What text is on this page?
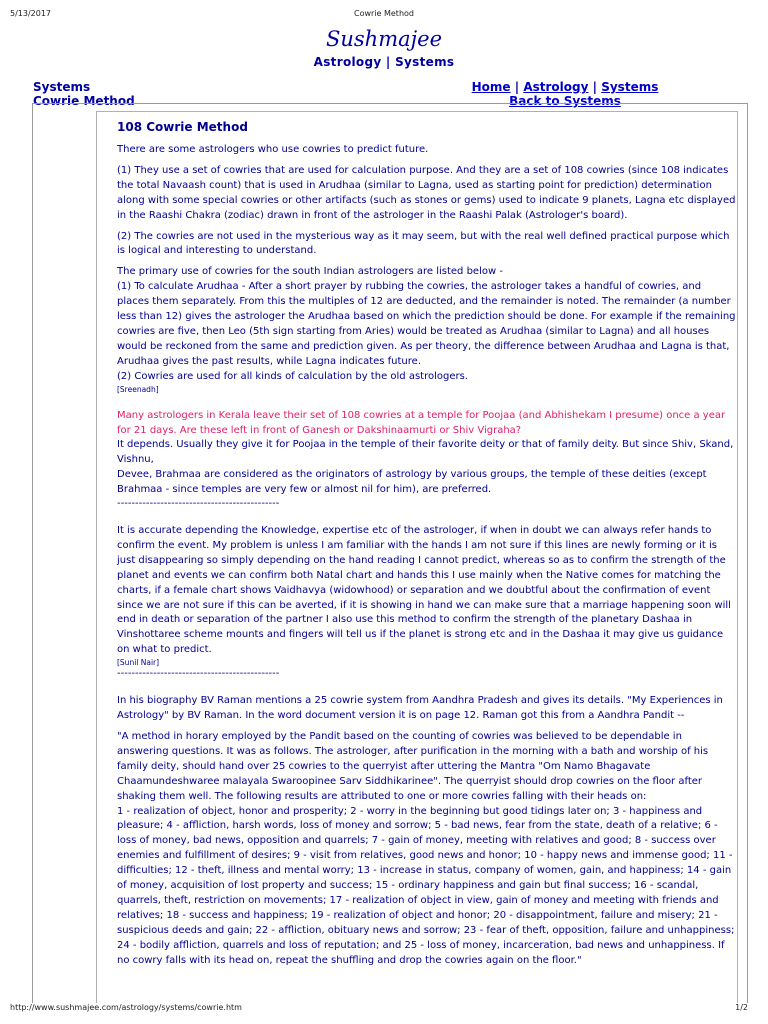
5/13/2017	Cowrie Method
Sushmajee
Astrology | Systems
Systems
Cowrie Method
Home | Astrology | Systems
Back to Systems
108 Cowrie Method

There are some astrologers who use cowries to predict future.

(1) They use a set of cowries that are used for calculation purpose. And they are a set of 108 cowries (since 108 indicates the total Navaash count) that is used in Arudhaa (similar to Lagna, used as starting point for prediction) determination along with some special cowries or other artifacts (such as stones or gems) used to indicate 9 planets, Lagna etc displayed in the Raashi Chakra (zodiac) drawn in front of the astrologer in the Raashi Palak (Astrologer's board).

(2) The cowries are not used in the mysterious way as it may seem, but with the real well defined practical purpose which is logical and interesting to understand.

The primary use of cowries for the south Indian astrologers are listed below -
(1) To calculate Arudhaa - After a short prayer by rubbing the cowries, the astrologer takes a handful of cowries, and places them separately. From this the multiples of 12 are deducted, and the remainder is noted. The remainder (a number less than 12) gives the astrologer the Arudhaa based on which the prediction should be done. For example if the remaining cowries are five, then Leo (5th sign starting from Aries) would be treated as Arudhaa (similar to Lagna) and all houses would be reckoned from the same and prediction given. As per theory, the difference between Arudhaa and Lagna is that, Arudhaa gives the past results, while Lagna indicates future.
(2) Cowries are used for all kinds of calculation by the old astrologers.
[Sreenadh]
Many astrologers in Kerala leave their set of 108 cowries at a temple for Poojaa (and Abhishekam I presume) once a year for 21 days. Are these left in front of Ganesh or Dakshinaamurti or Shiv Vigraha?
It depends. Usually they give it for Poojaa in the temple of their favorite deity or that of family deity. But since Shiv, Skand, Vishnu,
Devee, Brahmaa are considered as the originators of astrology by various groups, the temple of these deities (except Brahmaa - since temples are very few or almost nil for him), are preferred.
---------------------------------------------
It is accurate depending the Knowledge, expertise etc of the astrologer, if when in doubt we can always refer hands to confirm the event. My problem is unless I am familiar with the hands I am not sure if this lines are newly forming or it is just disappearing so simply depending on the hand reading I cannot predict, whereas so as to confirm the strength of the planet and events we can confirm both Natal chart and hands this I use mainly when the Native comes for matching the charts, if a female chart shows Vaidhavya (widowhood) or separation and we doubtful about the confirmation of event since we are not sure if this can be averted, if it is showing in hand we can make sure that a marriage happening soon will end in death or separation of the partner I also use this method to confirm the strength of the planetary Dashaa in Vinshottaree scheme mounts and fingers will tell us if the planet is strong etc and in the Dashaa it may give us guidance on what to predict.
[Sunil Nair]
---------------------------------------------

In his biography BV Raman mentions a 25 cowrie system from Aandhra Pradesh and gives its details. "My Experiences in Astrology" by BV Raman. In the word document version it is on page 12. Raman got this from a Aandhra Pandit --

"A method in horary employed by the Pandit based on the counting of cowries was believed to be dependable in answering questions. It was as follows. The astrologer, after purification in the morning with a bath and worship of his family deity, should hand over 25 cowries to the querryist after uttering the Mantra "Om Namo Bhagavate Chaamundeshwaree malayala Swaroopinee Sarv Siddhikarinee". The querryist should drop cowries on the floor after shaking them well. The following results are attributed to one or more cowries falling with their heads on:
1 - realization of object, honor and prosperity; 2 - worry in the beginning but good tidings later on; 3 - happiness and pleasure; 4 - affliction, harsh words, loss of money and sorrow; 5 - bad news, fear from the state, death of a relative; 6 - loss of money, bad news, opposition and quarrels; 7 - gain of money, meeting with relatives and good; 8 - success over enemies and fulfillment of desires; 9 - visit from relatives, good news and honor; 10 - happy news and immense good; 11 - difficulties; 12 - theft, illness and mental worry; 13 - increase in status, company of women, gain, and happiness; 14 - gain of money, acquisition of lost property and success; 15 - ordinary happiness and gain but final success; 16 - scandal, quarrels, theft, restriction on movements; 17 - realization of object in view, gain of money and meeting with friends and relatives; 18 - success and happiness; 19 - realization of object and honor; 20 - disappointment, failure and misery; 21 - suspicious deeds and gain; 22 - affliction, obituary news and sorrow; 23 - fear of theft, opposition, failure and unhappiness; 24 - bodily affliction, quarrels and loss of reputation; and 25 - loss of money, incarceration, bad news and unhappiness. If no cowry falls with its head on, repeat the shuffling and drop the cowries again on the floor."
http://www.sushmajee.com/astrology/systems/cowrie.htm	1/2
